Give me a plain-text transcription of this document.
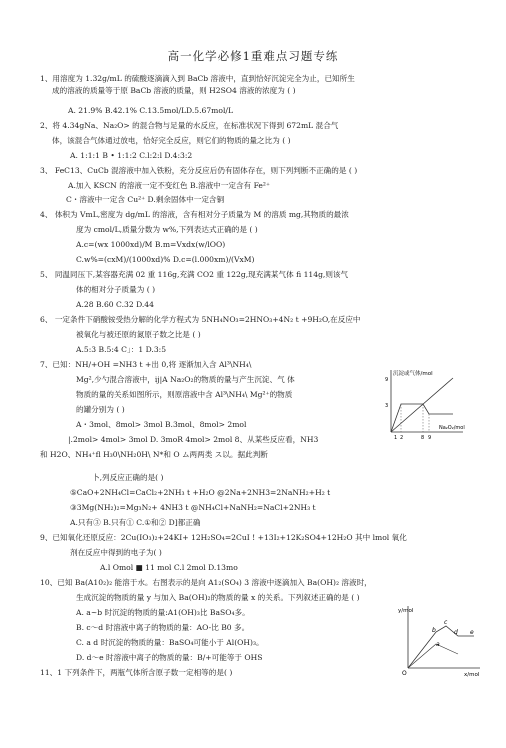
高一化学必修1重难点习题专练
1、用溶度为 1.32g/mL 的硫酸逐滴滴入到 BaCb 溶液中，直到恰好沉淀完全为止，已知所生
成的溶液的质量等于原 BaCb 溶液的质量，则 H2SO4 溶液的浓度为 ( )
A. 21.9% B.42.1% C.13.5mol/LD.5.67mol/L
2、将 4.34gNa、Na₂O> 的混合物与足量的水反应，在标准状况下得到 672mL 混合气
体，该混合气体通过放电，恰好完全反应，则它们的物质的量之比为 ( )
A. 1:1:1 B • 1:1:2 C.l:2:l D.4:3:2
3、 FeC13、CuCb 混溶液中加入铁粉，充分反应后仍有固体存在，则下列判断不正确的是 ( )
A.加入 KSCN 的溶液一定不变红色 B.溶液中一定含有 Fe²⁺
C・溶液中一定含 Cu²⁺ D.剩余固体中一定含铜
4、 体积为 VmL,密度为 dg/mL 的溶液，含有相对分子质量为 M 的溶质 mg,其物质的最浓
度为 cmol/L,质量分数为 w%,下列表达式正确的是 ( )
A.c=(wx 1000xd)/M B.m=Vxdx(w/lOO)
C.w%=(cxM)/(1000xd)% D.c=(l.000xm)/(VxM)
5、 同温同压下,某容器充满 02 重 116g,充满 CO2 重 122g,现充满某气体 fi 114g,则该气
体的相对分子质量为 ( )
A.28 B.60 C.32 D.44
6、 一定条件下硝酸铵受热分解的化学方程式为 5NH₄NO₃=2HNO₃+4N₂ t +9H₂O,在反应中
被氧化与被还原的氮原子数之比是 ( )
A.5:3 B.5:4 C」：1 D.3:5
7、已知：NH/+OH =NH3 t +出 0,将 逐渐加入含 Al³\NH₄\
Mg²,少勺混合溶液中，ij|A Na₂O₂的物质的量与产生沉淀、气 体
物质的量的关系如图所示，则原溶液中含 Al³\NH₄\ Mg²⁺的物质
的罐分别为 ( )
A・3mol、8mol> 3mol B.3mol、8mol> 2mol
|.2mol> 4mol> 3mol D. 3moR 4mol> 2mol 8、从某些反应看，NH3
和 H2O、NH₄⁺fl H₃0\NH₂0H\ N*和 O ム两两类 ス以。据此判断
卜,列反应正确的是( )
⑤CaO+2NH₄Cl=CaCl₂+2NH₃ t +H₂O @2Na+2NH3=2NaNH₂+H₂ t
③3Mg(NH₂)₂=Mg₃N₂+ 4NH3 t @NH₄Cl+NaNH₂=NaCl+2NH₃ t
A.只有③ B.只有① C.①和② D]都正确
9、已知氧化还原反应：2Cu(IO₃)₂+24KI+ 12H₂SO₄=2CuI ! +13I₂+12K₂SO4+12H₂O 其中 lmol 氧化
剂在反应中得到的电子为( )
A.l Omol ■ 11 mol C.l 2mol D.13mo
10、已知 Ba(A10₂)₂ 能溶于水。右图表示的是向 A1₂(SO₄) 3 溶液中逐滴加入 Ba(OH)₂ 溶液时，
生成沉淀的物质的量 y 与加入 Ba(OH)₂的物质的量 x 的关系。下列叙述正确的是 ( )
A. a~b 时沉淀的物质的量:A1(OH)₃比 BaSO₄多。
B. c～d 时溶液中离子的物质的量：AO-比 B0 多。
C. a d 时沉淀的物质的量：BaSO₄可能小于 Al(OH)₃。
D. d～e 时溶液中离子的物质的量：B/+可能等于 OHS
11、1 下列条件下，两瓶气体所含原子数一定相等的是( )
沉淀或气体/mol
Na₂O₂/mol
9
3
1 2	8 9
y/mol
x/mol
O
a
b
c
d e
